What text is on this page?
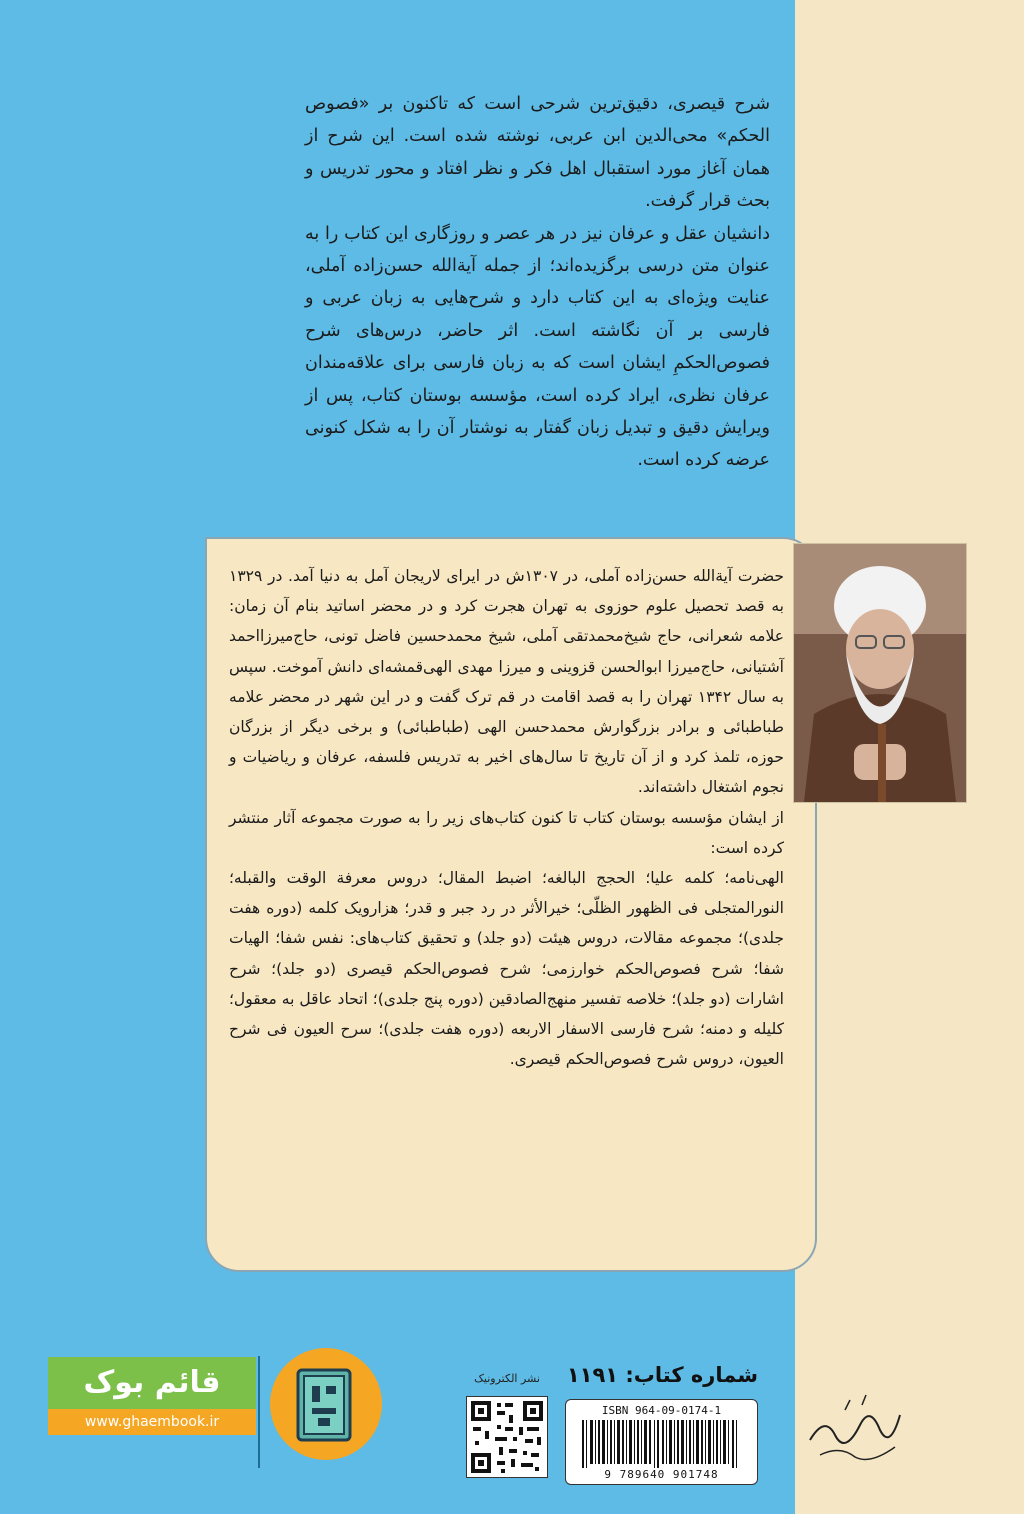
شرح قیصری، دقیق‌ترین شرحی است که تاکنون بر «فصوص الحکم» محی‌الدین ابن عربی، نوشته شده است. این شرح از همان آغاز مورد استقبال اهل فکر و نظر افتاد و محور تدریس و بحث قرار گرفت.

دانشیان عقل و عرفان نیز در هر عصر و روزگاری این کتاب را به عنوان متن درسی برگزیده‌اند؛ از جمله آیة‌الله حسن‌زاده آملی، عنایت ویژه‌ای به این کتاب دارد و شرح‌هایی به زبان عربی و فارسی بر آن نگاشته است. اثر حاضر، درس‌های شرح فصوص‌الحکمِ ایشان است که به زبان فارسی برای علاقه‌مندان عرفان نظری، ایراد کرده است، مؤسسه بوستان کتاب، پس از ویرایش دقیق و تبدیل زبان گفتار به نوشتار آن را به شکل کنونی عرضه کرده است.

حضرت آیة‌الله حسن‌زاده آملی، در ۱۳۰۷ش در ایرای لاریجان آمل به دنیا آمد. در ۱۳۲۹ به قصد تحصیل علوم حوزوی به تهران هجرت کرد و در محضر اساتید بنام آن زمان: علامه شعرانی، حاج شیخ‌محمدتقی آملی، شیخ محمدحسین فاضل تونی، حاج‌میرزا‌احمد آشتیانی، حاج‌میرزا ابوالحسن قزوینی و میرزا مهدی الهی‌قمشه‌ای دانش آموخت. سپس به سال ۱۳۴۲ تهران را به قصد اقامت در قم ترک گفت و در این شهر در محضر علامه طباطبائی و برادر بزرگوارش محمدحسن الهی (طباطبائی) و برخی دیگر از بزرگان حوزه، تلمذ کرد و از آن تاریخ تا سال‌های اخیر به تدریس فلسفه، عرفان و ریاضیات و نجوم اشتغال داشته‌اند.

از ایشان مؤسسه بوستان کتاب تا کنون کتاب‌های زیر را به صورت مجموعه آثار منتشر کرده است:

الهی‌نامه؛ کلمه علیا؛ الحجج البالغه؛ اضبط المقال؛ دروس معرفة الوقت والقبله؛ النورالمتجلی فی الظهور الظلّی؛ خیرالأثر در رد جبر و قدر؛ هزارویک کلمه (دوره هفت جلدی)؛ مجموعه مقالات، دروس هیئت (دو جلد) و تحقیق کتاب‌های: نفس شفا؛ الهیات شفا؛ شرح فصوص‌الحکم خوارزمی؛ شرح فصوص‌الحکم قیصری (دو جلد)؛ شرح اشارات (دو جلد)؛ خلاصه تفسیر منهج‌الصادقین (دوره پنج جلدی)؛ اتحاد عاقل به معقول؛ کلیله و دمنه؛ شرح فارسی الاسفار الاربعه (دوره هفت جلدی)؛ سرح العیون فی شرح العیون، دروس شرح فصوص‌الحکم قیصری.

شماره کتاب: ۱۱۹۱
ISBN 964-09-0174-1
9 789640 901748
نشر الکترونیک
قائم بوک
www.ghaembook.ir
